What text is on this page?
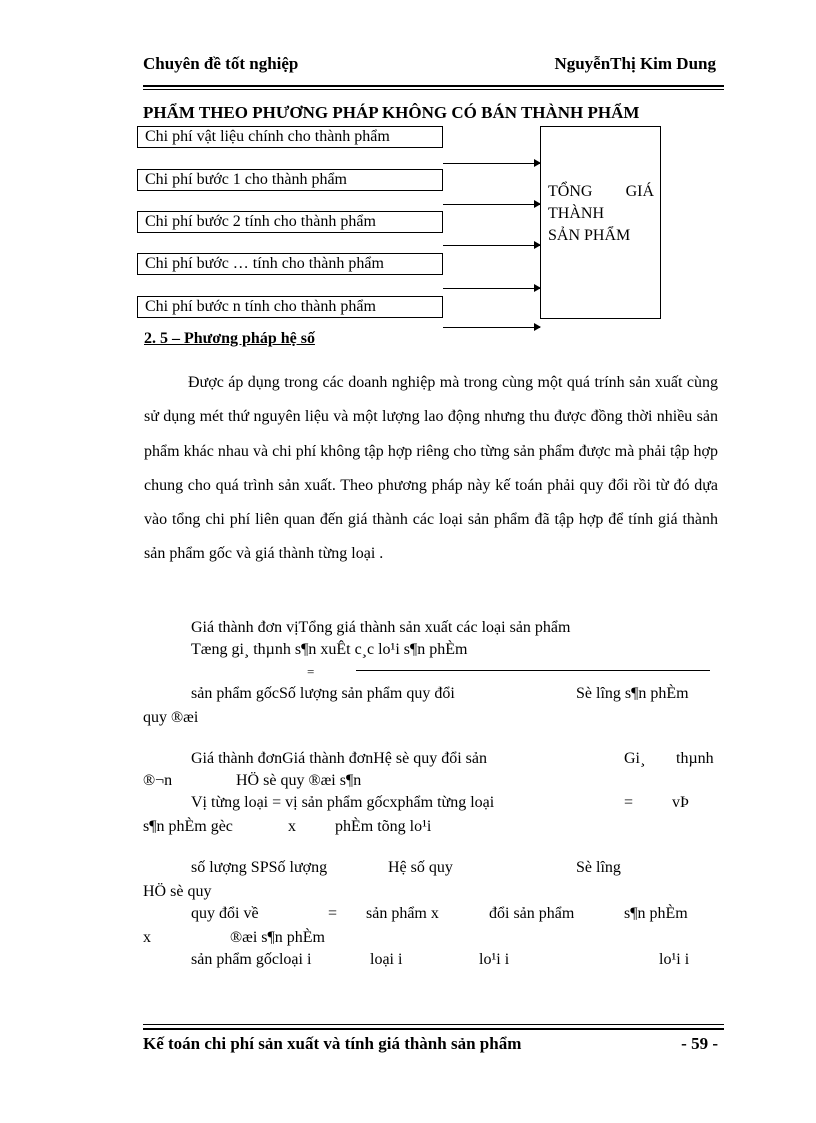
Chuyên đề tốt nghiệp	NguyễnThị Kim Dung
PHẨM THEO PHƯƠNG PHÁP KHÔNG CÓ BÁN THÀNH PHẨM
Chi phí vật liệu chính cho thành phẩm
Chi phí bước 1 cho thành phẩm
Chi phí bước 2 tính cho thành phẩm
Chi phí bước … tính cho thành phẩm
Chi phí bước n tính cho thành phẩm
TỔNG GIÁ
THÀNH
SẢN PHẨM
2. 5 – Phương pháp hệ số
Được áp dụng trong các doanh nghiệp mà trong cùng một quá trính sản xuất cùng sử dụng mét thứ nguyên liệu và một lượng lao động nhưng thu được đồng thời nhiều sản phẩm khác nhau và chi phí không tập hợp riêng cho từng sản phẩm được mà phải tập hợp chung cho quá trình sản xuất. Theo phương pháp này kế toán phải quy đổi rồi từ đó dựa vào tổng chi phí liên quan đến giá thành các loại sản phẩm đã tập hợp để tính giá thành sản phẩm gốc và giá thành từng loại .
Giá thành đơn vịTổng giá thành sản xuất các loại sản phẩm
Tæng gi¸ thµnh s¶n xuÊt c¸c lo¹i s¶n phÈm
=
sản phẩm gốcSố lượng sản phẩm quy đổi	Sè lîng s¶n phÈm
quy ®æi
Giá thành đơnGiá thành đơnHệ sè quy đổi sản	Gi¸ thµnh
®¬n	HÖ sè quy ®æi s¶n
Vị từng loại = vị sản phẩm gốcxphẩm từng loại	= vÞ
s¶n phÈm gèc	x phÈm tõng lo¹i
số lượng SPSố lượng	Hệ số quy	Sè lîng
HÖ sè quy
quy đổi về	= sản phẩm x	đổi sản phẩm	s¶n phÈm
x	®æi s¶n phÈm
sản phẩm gốcloại i	loại i	lo¹i i	lo¹i i
Kế toán chi phí sản xuất và tính giá thành sản phẩm	- 59 -
